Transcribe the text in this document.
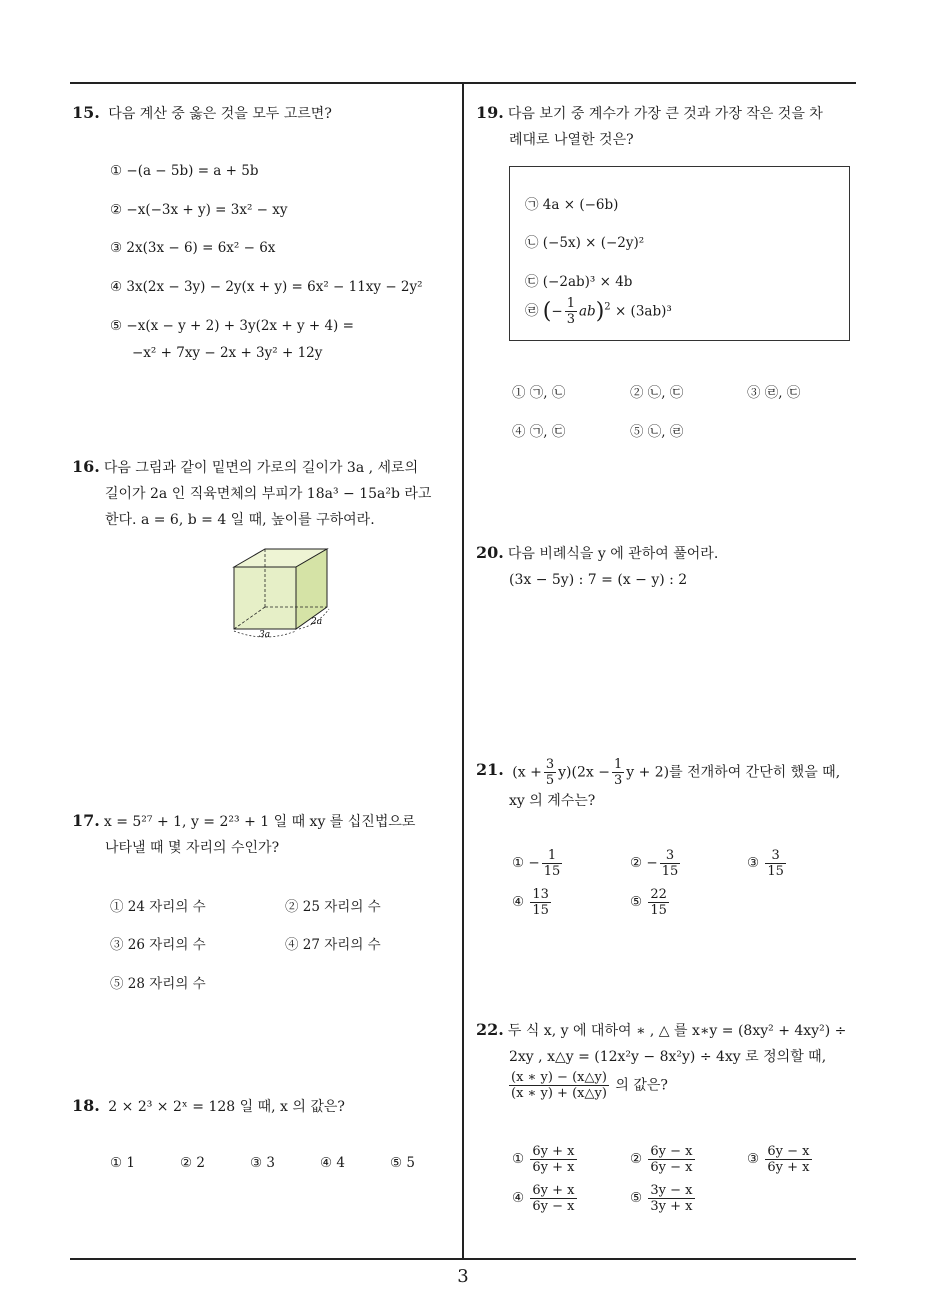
15. 다음 계산 중 옳은 것을 모두 고르면?
① −(a − 5b) = a + 5b
② −x(−3x + y) = 3x² − xy
③ 2x(3x − 6) = 6x² − 6x
④ 3x(2x − 3y) − 2y(x + y) = 6x² − 11xy − 2y²
⑤ −x(x − y + 2) + 3y(2x + y + 4) =
−x² + 7xy − 2x + 3y² + 12y
16. 다음 그림과 같이 밑면의 가로의 길이가 3a , 세로의
길이가 2a 인 직육면체의 부피가 18a³ − 15a²b 라고
한다. a = 6, b = 4 일 때, 높이를 구하여라.
3a
2a
17. x = 5²⁷ + 1, y = 2²³ + 1 일 때 xy 를 십진법으로
나타낼 때 몇 자리의 수인가?
① 24 자리의 수	② 25 자리의 수
③ 26 자리의 수	④ 27 자리의 수
⑤ 28 자리의 수
18. 2 × 2³ × 2ˣ = 128 일 때, x 의 값은?
① 1	② 2	③ 3	④ 4	⑤ 5
19. 다음 보기 중 계수가 가장 큰 것과 가장 작은 것을 차
례대로 나열한 것은?
㉠ 4a × (−6b)
㉡ (−5x) × (−2y)²
㉢ (−2ab)³ × 4b
㉣ (− $\frac{1}{3} ab)^2 \times (3ab)^3$
① ㉠, ㉡	② ㉡, ㉢	③ ㉣, ㉢
④ ㉠, ㉢	⑤ ㉡, ㉣
20. 다음 비례식을 y 에 관하여 풀어라.
(3x − 5y) : 7 = (x − y) : 2
21. $(x + \frac{3}{5} y)(2x - \frac{1}{3}$ y + 2)를 전개하여 간단히 했을 때,
xy 의 계수는?
① − $\frac{1}{15}$	② − $\frac{3}{15}$	③ $\frac{3}{15}$
④ $\frac{13}{15}$	⑤ $\frac{22}{15}$
22. 두 식 x, y 에 대하여 ∗ , △ 를 x∗y = (8xy² + 4xy²) ÷
2xy , x△y = (12x²y − 8x²y) ÷ 4xy 로 정의할 때,
$\frac{(x ∗ y) - (x\triangle y)}{(x ∗ y) + (x\triangle y)}$ 의 값은?
① $\frac{6y + x}{6y + x}$	② $\frac{6y - x}{6y - x}$	③ $\frac{6y - x}{6y + x}$
④ $\frac{6y + x}{6y - x}$	⑤ $\frac{3y - x}{3y + x}$
3
